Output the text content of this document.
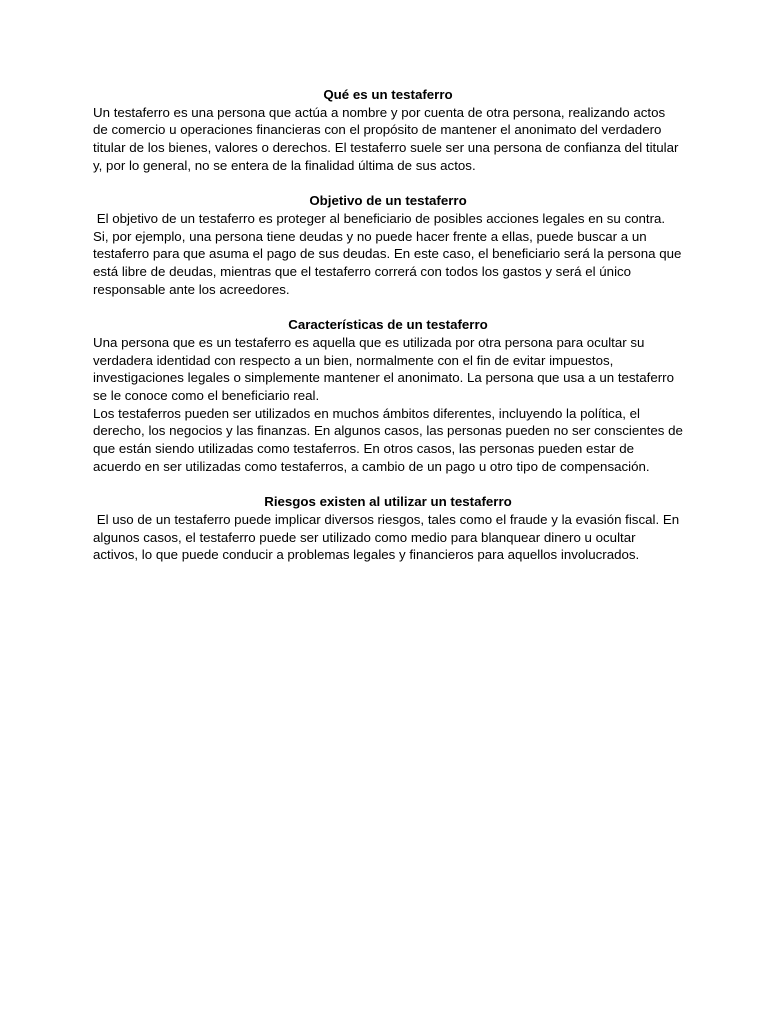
Qué es un testaferro

Un testaferro es una persona que actúa a nombre y por cuenta de otra persona, realizando actos de comercio u operaciones financieras con el propósito de mantener el anonimato del verdadero titular de los bienes, valores o derechos. El testaferro suele ser una persona de confianza del titular y, por lo general, no se entera de la finalidad última de sus actos.

Objetivo de un testaferro

El objetivo de un testaferro es proteger al beneficiario de posibles acciones legales en su contra. Si, por ejemplo, una persona tiene deudas y no puede hacer frente a ellas, puede buscar a un testaferro para que asuma el pago de sus deudas. En este caso, el beneficiario será la persona que está libre de deudas, mientras que el testaferro correrá con todos los gastos y será el único responsable ante los acreedores.

Características de un testaferro

Una persona que es un testaferro es aquella que es utilizada por otra persona para ocultar su verdadera identidad con respecto a un bien, normalmente con el fin de evitar impuestos, investigaciones legales o simplemente mantener el anonimato. La persona que usa a un testaferro se le conoce como el beneficiario real.

Los testaferros pueden ser utilizados en muchos ámbitos diferentes, incluyendo la política, el derecho, los negocios y las finanzas. En algunos casos, las personas pueden no ser conscientes de que están siendo utilizadas como testaferros. En otros casos, las personas pueden estar de acuerdo en ser utilizadas como testaferros, a cambio de un pago u otro tipo de compensación.

Riesgos existen al utilizar un testaferro

El uso de un testaferro puede implicar diversos riesgos, tales como el fraude y la evasión fiscal. En algunos casos, el testaferro puede ser utilizado como medio para blanquear dinero u ocultar activos, lo que puede conducir a problemas legales y financieros para aquellos involucrados.
